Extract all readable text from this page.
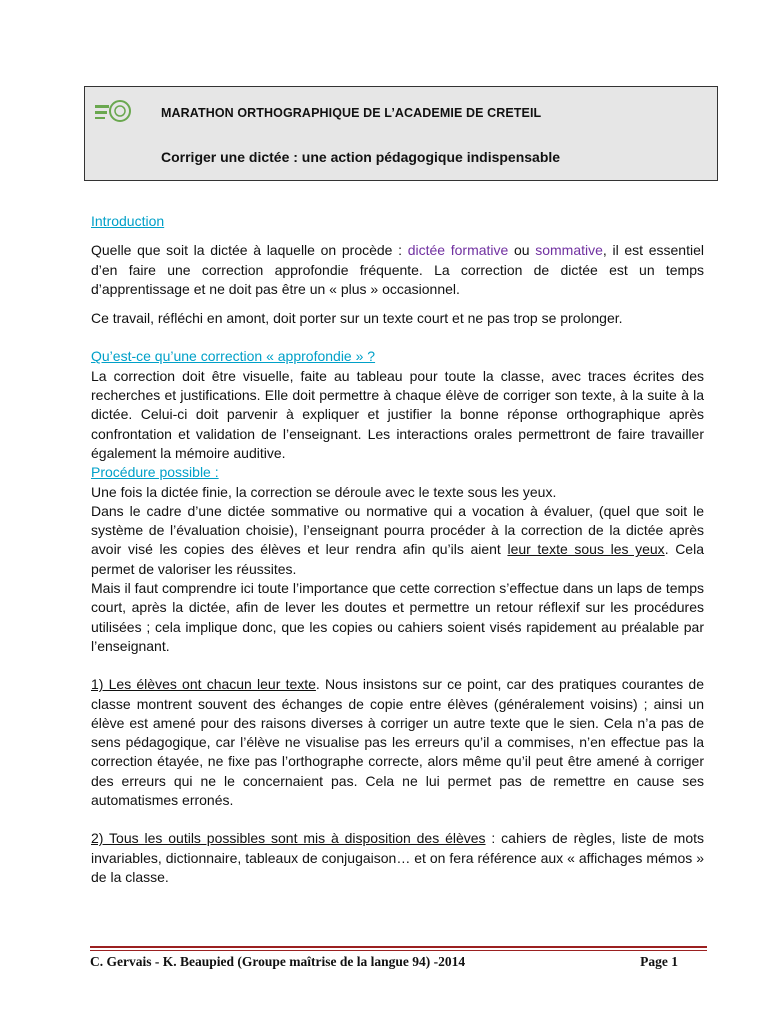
MARATHON ORTHOGRAPHIQUE DE L’ACADEMIE DE CRETEIL
Corriger une dictée : une action pédagogique indispensable

Introduction

Quelle que soit la dictée à laquelle on procède : dictée formative ou sommative, il est essentiel d’en faire une correction approfondie fréquente. La correction de dictée est un temps d’apprentissage et ne doit pas être un « plus » occasionnel.

Ce travail, réfléchi en amont, doit porter sur un texte court et ne pas trop se prolonger.

Qu’est-ce qu’une correction « approfondie » ?

La correction doit être visuelle, faite au tableau pour toute la classe, avec traces écrites des recherches et justifications. Elle doit permettre à chaque élève de corriger son texte, à la suite à la dictée. Celui-ci doit parvenir à expliquer et justifier la bonne réponse orthographique après confrontation et validation de l’enseignant. Les interactions orales permettront de faire travailler également la mémoire auditive.

Procédure possible :

Une fois la dictée finie, la correction se déroule avec le texte sous les yeux.

Dans le cadre d’une dictée sommative ou normative qui a vocation à évaluer, (quel que soit le système de l’évaluation choisie), l’enseignant pourra procéder à la correction de la dictée après avoir visé les copies des élèves et leur rendra afin qu’ils aient leur texte sous les yeux. Cela permet de valoriser les réussites.

Mais il faut comprendre ici toute l’importance que cette correction s’effectue dans un laps de temps court, après la dictée, afin de lever les doutes et permettre un retour réflexif sur les procédures utilisées ; cela implique donc, que les copies ou cahiers soient visés rapidement au préalable par l’enseignant.

1) Les élèves ont chacun leur texte. Nous insistons sur ce point, car des pratiques courantes de classe montrent souvent des échanges de copie entre élèves (généralement voisins) ; ainsi un élève est amené pour des raisons diverses à corriger un autre texte que le sien. Cela n’a pas de sens pédagogique, car l’élève ne visualise pas les erreurs qu’il a commises, n’en effectue pas la correction étayée, ne fixe pas l’orthographe correcte, alors même qu’il peut être amené à corriger des erreurs qui ne le concernaient pas. Cela ne lui permet pas de remettre en cause ses automatismes erronés.

2) Tous les outils possibles sont mis à disposition des élèves : cahiers de règles, liste de mots invariables, dictionnaire, tableaux de conjugaison… et on fera référence aux « affichages mémos » de la classe.

C. Gervais - K. Beaupied (Groupe maîtrise de la langue 94) -2014	Page 1
